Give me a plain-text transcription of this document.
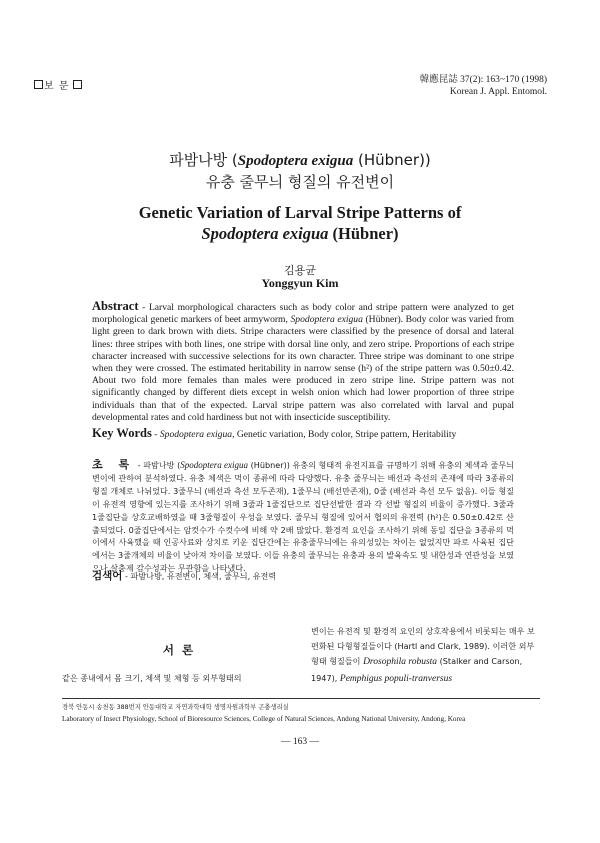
보 문
韓應昆誌 37(2): 163~170 (1998)
Korean J. Appl. Entomol.
파밤나방 (Spodoptera exigua (Hübner))
유충 줄무늬 형질의 유전변이
Genetic Variation of Larval Stripe Patterns of
Spodoptera exigua (Hübner)
김용균
Yonggyun Kim
Abstract - Larval morphological characters such as body color and stripe pattern were analyzed to get morphological genetic markers of beet armyworm, Spodoptera exigua (Hübner). Body color was varied from light green to dark brown with diets. Stripe characters were classified by the presence of dorsal and lateral lines: three stripes with both lines, one stripe with dorsal line only, and zero stripe. Proportions of each stripe character increased with successive selections for its own character. Three stripe was dominant to one stripe when they were crossed. The estimated heritability in narrow sense (h²) of the stripe pattern was 0.50±0.42. About two fold more females than males were produced in zero stripe line. Stripe pattern was not significantly changed by different diets except in welsh onion which had lower proportion of three stripe individuals than that of the expected. Larval stripe pattern was also correlated with larval and pupal developmental rates and cold hardiness but not with insecticide susceptibility.
Key Words - Spodoptera exigua, Genetic variation, Body color, Stripe pattern, Heritability
초 록 - 파밤나방 (Spodoptera exigua (Hübner)) 유충의 형태적 유전지표를 규명하기 위해 유충의 체색과 줄무늬 변이에 관하여 분석하였다. 유충 체색은 먹이 종류에 따라 다양했다. 유충 줄무늬는 배선과 측선의 존재에 따라 3종류의 형질 개체로 나뉘었다. 3줄무늬 (배선과 측선 모두존재), 1줄무늬 (배선만존재), 0줄 (배선과 측선 모두 없음). 이들 형질이 유전적 영향에 있는지를 조사하기 위해 3줄과 1줄집단으로 집단선발한 결과 각 선발 형질의 비율이 증가했다. 3줄과 1줄집단을 상호교배하였을 때 3줄형질이 우성을 보였다. 줄무늬 형질에 있어서 협의의 유전력 (h²)은 0.50±0.42로 산출되었다. 0줄집단에서는 암컷수가 수컷수에 비해 약 2배 많았다. 환경적 요인을 조사하기 위해 동일 집단을 3종류의 먹이에서 사육했을 때 인공사료와 상치로 키운 집단간에는 유충줄무늬에는 유의성있는 차이는 없었지만 파로 사육된 집단에서는 3줄개체의 비율이 낮아져 차이를 보였다. 이들 유충의 줄무늬는 유충과 용의 발육속도 및 내한성과 연관성을 보였으나 살충제 감수성과는 무관함을 나타냈다.
검색어 - 파밤나방, 유전변이, 체색, 줄무늬, 유전력
서 론
같은 종내에서 몸 크기, 체색 및 체형 등 외부형태의
변이는 유전적 및 환경적 요인의 상호작용에서 비롯되는 매우 보편화된 다형형질들이다 (Hartl and Clark, 1989). 이러한 외부 형태 형질들이 Drosophila robusta (Stalker and Carson, 1947), Pemphigus populi-tranversus
경북 안동시 송천동 388번지 안동대학교 자연과학대학 생명자원과학부 곤충생리실
Laboratory of Insect Physiology, School of Bioresource Sciences, College of Natural Sciences, Andong National University, Andong, Korea
— 163 —
